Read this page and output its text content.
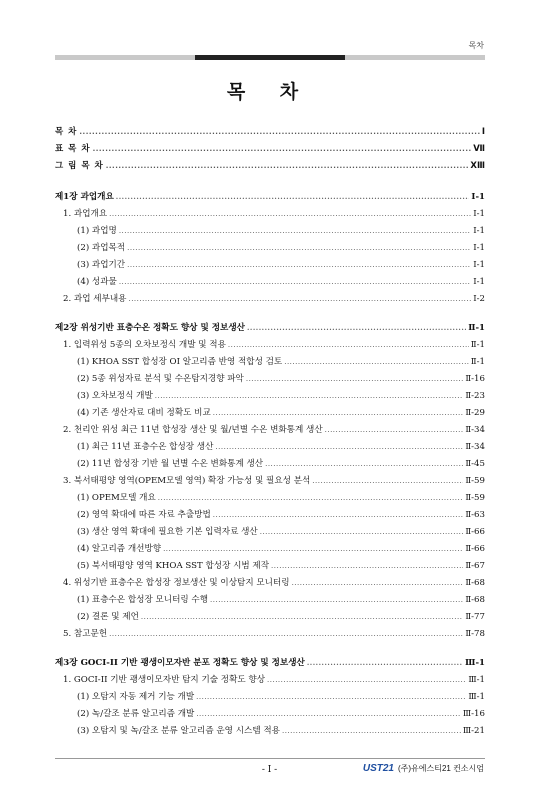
목차
목 차
목 차 .....	Ⅰ
표 목 차 .....	Ⅶ
그 림 목 차 .....	ⅩⅢ
제1장 과업개요 .....	Ⅰ-1
1. 과업개요 .....	Ⅰ-1
(1) 과업명 .....	Ⅰ-1
(2) 과업목적 .....	Ⅰ-1
(3) 과업기간 .....	Ⅰ-1
(4) 성과물 .....	Ⅰ-1
2. 과업 세부내용 .....	Ⅰ-2
제2장 위성기반 표층수온 정확도 향상 및 정보생산 .....	Ⅱ-1
1. 입력위성 5종의 오차보정식 개발 및 적용 .....	Ⅱ-1
(1) KHOA SST 합성장 OI 알고리즘 반영 적합성 검토 .....	Ⅱ-1
(2) 5종 위성자료 분석 및 수온탐지경향 파악 .....	Ⅱ-16
(3) 오차보정식 개발 .....	Ⅱ-23
(4) 기존 생산자료 대비 정확도 비교 .....	Ⅱ-29
2. 천리안 위성 최근 11년 합성장 생산 및 월/년별 수온 변화통계 생산 .....	Ⅱ-34
(1) 최근 11년 표층수온 합성장 생산 .....	Ⅱ-34
(2) 11년 합성장 기반 월 년별 수온 변화통계 생산 .....	Ⅱ-45
3. 북서태평양 영역(OPEM모델 영역) 확장 가능성 및 필요성 분석 .....	Ⅱ-59
(1) OPEM모델 개요 .....	Ⅱ-59
(2) 영역 확대에 따른 자료 추출방법 .....	Ⅱ-63
(3) 생산 영역 확대에 필요한 기본 입력자료 생산 .....	Ⅱ-66
(4) 알고리즘 개선방향 .....	Ⅱ-66
(5) 북서태평양 영역 KHOA SST 합성장 시범 제작 .....	Ⅱ-67
4. 위성기반 표층수온 합성장 정보생산 및 이상탐지 모니터링 .....	Ⅱ-68
(1) 표층수온 합성장 모니터링 수행 .....	Ⅱ-68
(2) 결론 및 제언 .....	Ⅱ-77
5. 참고문헌 .....	Ⅱ-78
제3장 GOCI-II 기반 괭생이모자반 분포 정확도 향상 및 정보생산 .....	Ⅲ-1
1. GOCI-II 기반 괭생이모자반 탐지 기술 정확도 향상 .....	Ⅲ-1
(1) 오탐지 자동 제거 기능 개발 .....	Ⅲ-1
(2) 녹/갈조 분류 알고리즘 개발 .....	Ⅲ-16
(3) 오탐지 및 녹/갈조 분류 알고리즘 운영 시스템 적용 .....	Ⅲ-21
- Ⅰ -	UST21 (주)유에스티21 컨소시엄
